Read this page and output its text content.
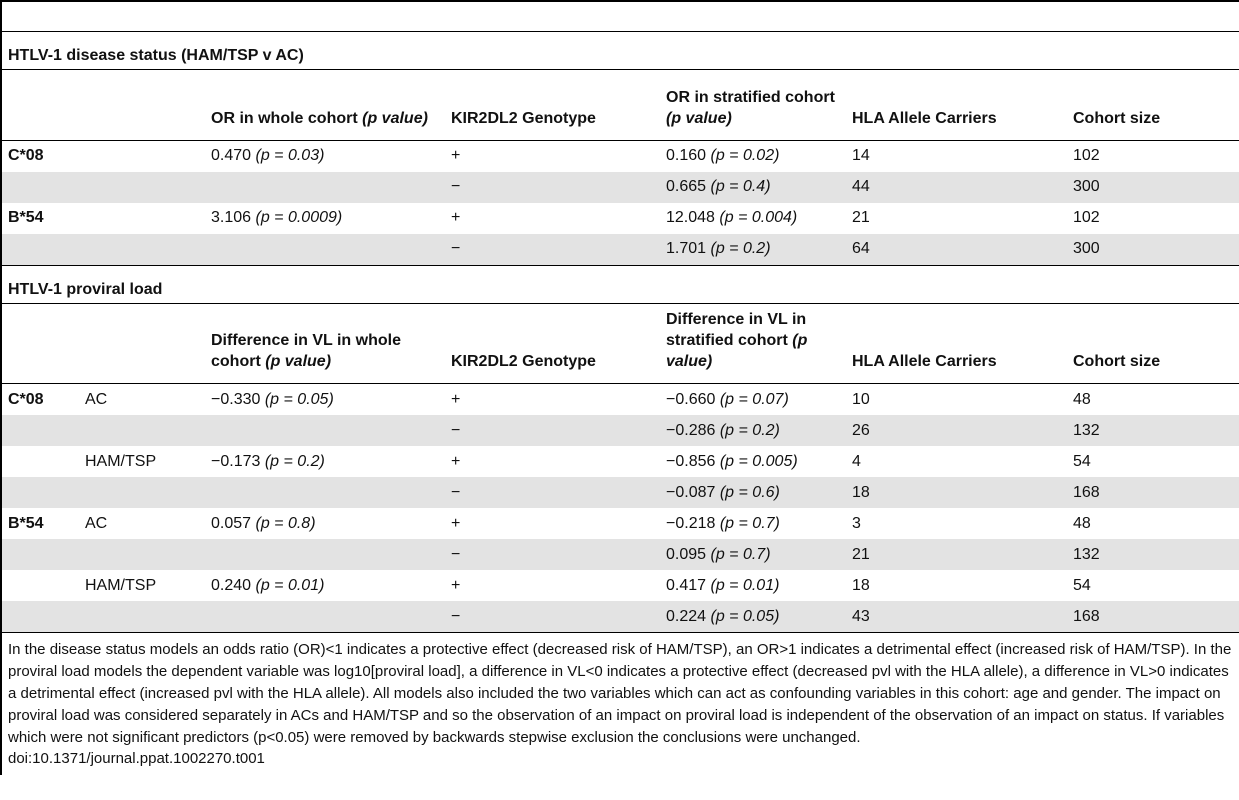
HTLV-1 disease status (HAM/TSP v AC)
		OR in whole cohort (p value)	KIR2DL2 Genotype	OR in stratified cohort (p value)	HLA Allele Carriers	Cohort size
C*08		0.470 (p = 0.03)	+	0.160 (p = 0.02)	14	102
			−	0.665 (p = 0.4)	44	300
B*54		3.106 (p = 0.0009)	+	12.048 (p = 0.004)	21	102
			−	1.701 (p = 0.2)	64	300
HTLV-1 proviral load
		Difference in VL in whole cohort (p value)	KIR2DL2 Genotype	Difference in VL in stratified cohort (p value)	HLA Allele Carriers	Cohort size
C*08	AC	−0.330 (p = 0.05)	+	−0.660 (p = 0.07)	10	48
			−	−0.286 (p = 0.2)	26	132
	HAM/TSP	−0.173 (p = 0.2)	+	−0.856 (p = 0.005)	4	54
			−	−0.087 (p = 0.6)	18	168
B*54	AC	0.057 (p = 0.8)	+	−0.218 (p = 0.7)	3	48
			−	0.095 (p = 0.7)	21	132
	HAM/TSP	0.240 (p = 0.01)	+	0.417 (p = 0.01)	18	54
			−	0.224 (p = 0.05)	43	168
In the disease status models an odds ratio (OR)<1 indicates a protective effect (decreased risk of HAM/TSP), an OR>1 indicates a detrimental effect (increased risk of HAM/TSP). In the proviral load models the dependent variable was log10[proviral load], a difference in VL<0 indicates a protective effect (decreased pvl with the HLA allele), a difference in VL>0 indicates a detrimental effect (increased pvl with the HLA allele). All models also included the two variables which can act as confounding variables in this cohort: age and gender. The impact on proviral load was considered separately in ACs and HAM/TSP and so the observation of an impact on proviral load is independent of the observation of an impact on status. If variables which were not significant predictors (p<0.05) were removed by backwards stepwise exclusion the conclusions were unchanged.
doi:10.1371/journal.ppat.1002270.t001
